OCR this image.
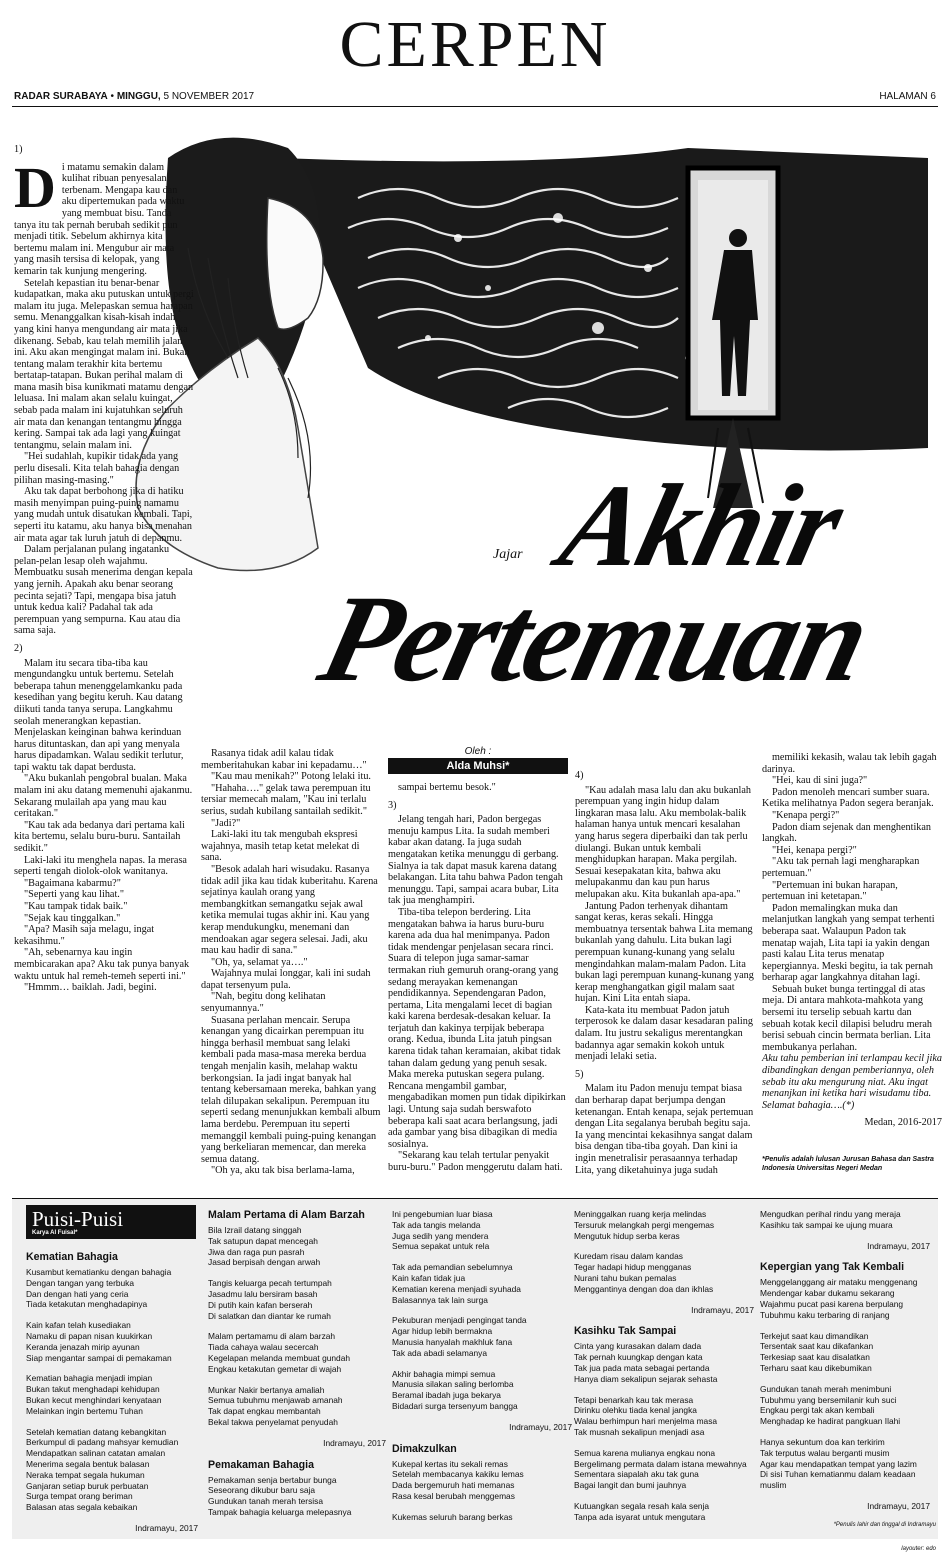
CERPEN
RADAR SURABAYA • MINGGU, 5 NOVEMBER 2017	HALAMAN 6
Jajar Akhir
Pertemuan

1)

Di matamu semakin dalam kulihat ribuan penyesalan terbenam. Mengapa kau dan aku dipertemukan pada waktu yang membuat bisu. Tanda tanya itu tak pernah berubah sedikit pun menjadi titik. Sebelum akhirnya kita bertemu malam ini. Mengubur air mata yang masih tersisa di kelopak, yang kemarin tak kunjung mengering.

Setelah kepastian itu benar-benar kudapatkan, maka aku putuskan untuk pergi malam itu juga. Melepaskan semua harapan semu. Menanggalkan kisah-kisah indah yang kini hanya mengundang air mata jika dikenang. Sebab, kau telah memilih jalan ini. Aku akan mengingat malam ini. Bukan tentang malam terakhir kita bertemu bertatap-tatapan. Bukan perihal malam di mana masih bisa kunikmati matamu dengan leluasa. Ini malam akan selalu kuingat, sebab pada malam ini kujatuhkan seluruh air mata dan kenangan tentangmu hingga kering. Sampai tak ada lagi yang kuingat tentangmu, selain malam ini.

"Hei sudahlah, kupikir tidak ada yang perlu disesali. Kita telah bahagia dengan pilihan masing-masing."

Aku tak dapat berbohong jika di hatiku masih menyimpan puing-puing namamu yang mudah untuk disatukan kembali. Tapi, seperti itu katamu, aku hanya bisa menahan air mata agar tak luruh jatuh di depanmu.

Dalam perjalanan pulang ingatanku pelan-pelan lesap oleh wajahmu. Membuatku susah menerima dengan kepala yang jernih. Apakah aku benar seorang pecinta sejati? Tapi, mengapa bisa jatuh untuk kedua kali? Padahal tak ada perempuan yang sempurna. Kau atau dia sama saja.

2)

Malam itu secara tiba-tiba kau mengundangku untuk bertemu. Setelah beberapa tahun menenggelamkanku pada kesedihan yang begitu keruh. Kau datang diikuti tanda tanya serupa. Langkahmu seolah menerangkan kepastian. Menjelaskan keinginan bahwa kerinduan harus dituntaskan, dan api yang menyala harus dipadamkan. Walau sedikit terlutur, tapi waktu tak dapat berdusta.

"Aku bukanlah pengobral bualan. Maka malam ini aku datang memenuhi ajakanmu. Sekarang mulailah apa yang mau kau ceritakan."

"Kau tak ada bedanya dari pertama kali kita bertemu, selalu buru-buru. Santailah sedikit."

Laki-laki itu menghela napas. Ia merasa seperti tengah diolok-olok wanitanya.

"Bagaimana kabarmu?"

"Seperti yang kau lihat."

"Kau tampak tidak baik."

"Sejak kau tinggalkan."

"Apa? Masih saja melagu, ingat kekasihmu."

"Ah, sebenarnya kau ingin membicarakan apa? Aku tak punya banyak waktu untuk hal remeh-temeh seperti ini."

"Hmmm… baiklah. Jadi, begini.

Rasanya tidak adil kalau tidak memberitahukan kabar ini kepadamu…"

"Kau mau menikah?" Potong lelaki itu.

"Hahaha…." gelak tawa perempuan itu tersiar memecah malam, "Kau ini terlalu serius, sudah kubilang santailah sedikit."

"Jadi?"

Laki-laki itu tak mengubah ekspresi wajahnya, masih tetap ketat melekat di sana.

"Besok adalah hari wisudaku. Rasanya tidak adil jika kau tidak kuberitahu. Karena sejatinya kaulah orang yang membangkitkan semangatku sejak awal ketika memulai tugas akhir ini. Kau yang kerap mendukungku, menemani dan mendoakan agar segera selesai. Jadi, aku mau kau hadir di sana."

"Oh, ya, selamat ya…."

Wajahnya mulai longgar, kali ini sudah dapat tersenyum pula.

"Nah, begitu dong kelihatan senyumannya."

Suasana perlahan mencair. Serupa kenangan yang dicairkan perempuan itu hingga berhasil membuat sang lelaki kembali pada masa-masa mereka berdua tengah menjalin kasih, melahap waktu berkongsian. Ia jadi ingat banyak hal tentang kebersamaan mereka, bahkan yang telah dilupakan sekalipun. Perempuan itu seperti sedang menunjukkan kembali album lama berdebu. Perempuan itu seperti memanggil kembali puing-puing kenangan yang berkeliaran memencar, dan mereka semua datang.

"Oh ya, aku tak bisa berlama-lama,

Oleh :
Alda Muhsi*

sampai bertemu besok."

3)

Jelang tengah hari, Padon bergegas menuju kampus Lita. Ia sudah memberi kabar akan datang. Ia juga sudah mengatakan ketika menunggu di gerbang. Sialnya ia tak dapat masuk karena datang belakangan. Lita tahu bahwa Padon tengah menunggu. Tapi, sampai acara bubar, Lita tak jua menghampiri.

Tiba-tiba telepon berdering. Lita mengatakan bahwa ia harus buru-buru karena ada dua hal menimpanya. Padon tidak mendengar penjelasan secara rinci. Suara di telepon juga samar-samar termakan riuh gemuruh orang-orang yang sedang merayakan kemenangan pendidikannya. Sependengaran Padon, pertama, Lita mengalami lecet di bagian kaki karena berdesak-desakan keluar. Ia terjatuh dan kakinya terpijak beberapa orang. Kedua, ibunda Lita jatuh pingsan karena tidak tahan keramaian, akibat tidak tahan dalam gedung yang penuh sesak. Maka mereka putuskan segera pulang. Rencana mengambil gambar, mengabadikan momen pun tidak dipikirkan lagi. Untung saja sudah berswafoto beberapa kali saat acara berlangsung, jadi ada gambar yang bisa dibagikan di media sosialnya.

"Sekarang kau telah tertular penyakit buru-buru." Padon menggerutu dalam hati.

4)

"Kau adalah masa lalu dan aku bukanlah perempuan yang ingin hidup dalam lingkaran masa lalu. Aku membolak-balik halaman hanya untuk mencari kesalahan yang harus segera diperbaiki dan tak perlu diulangi. Bukan untuk kembali menghidupkan harapan. Maka pergilah. Sesuai kesepakatan kita, bahwa aku melupakanmu dan kau pun harus melupakan aku. Kita bukanlah apa-apa."

Jantung Padon terhenyak dihantam sangat keras, keras sekali. Hingga membuatnya tersentak bahwa Lita memang bukanlah yang dahulu. Lita bukan lagi perempuan kunang-kunang yang selalu mengindahkan malam-malam Padon. Lita bukan lagi perempuan kunang-kunang yang kerap menghangatkan gigil malam saat hujan. Kini Lita entah siapa.

Kata-kata itu membuat Padon jatuh terperosok ke dalam dasar kesadaran paling dalam. Itu justru sekaligus merentangkan badannya agar semakin kokoh untuk menjadi lelaki setia.

5)

Malam itu Padon menuju tempat biasa dan berharap dapat berjumpa dengan ketenangan. Entah kenapa, sejak pertemuan dengan Lita segalanya berubah begitu saja. Ia yang mencintai kekasihnya sangat dalam bisa dengan tiba-tiba goyah. Dan kini ia ingin menetralisir perasaannya terhadap Lita, yang diketahuinya juga sudah

memiliki kekasih, walau tak lebih gagah darinya.

"Hei, kau di sini juga?"

Padon menoleh mencari sumber suara. Ketika melihatnya Padon segera beranjak.

"Kenapa pergi?"

Padon diam sejenak dan menghentikan langkah.

"Hei, kenapa pergi?"

"Aku tak pernah lagi mengharapkan pertemuan."

"Pertemuan ini bukan harapan, pertemuan ini ketetapan."

Padon memalingkan muka dan melanjutkan langkah yang sempat terhenti beberapa saat. Walaupun Padon tak menatap wajah, Lita tapi ia yakin dengan pasti kalau Lita terus menatap kepergiannya. Meski begitu, ia tak pernah berharap agar langkahnya ditahan lagi.

Sebuah buket bunga tertinggal di atas meja. Di antara mahkota-mahkota yang bersemi itu terselip sebuah kartu dan sebuah kotak kecil dilapisi beludru merah berisi sebuah cincin bermata berlian. Lita membukanya perlahan.

Aku tahu pemberian ini terlampau kecil jika dibandingkan dengan pemberiannya, oleh sebab itu aku mengurung niat. Aku ingat menanjkan ini ketika hari wisudamu tiba. Selamat bahagia….(*)

Medan, 2016-2017

*Penulis adalah lulusan Jurusan Bahasa dan Sastra Indonesia Universitas Negeri Medan
Puisi-Puisi
Karya Al Fuisal*
Kematian Bahagia
Kusambut kematianku dengan bahagia
Dengan tangan yang terbuka
Dan dengan hati yang ceria
Tiada ketakutan menghadapinya
Kain kafan telah kusediakan
Namaku di papan nisan kuukirkan
Keranda jenazah mirip ayunan
Siap mengantar sampai di pemakaman
Kematian bahagia menjadi impian
Bukan takut menghadapi kehidupan
Bukan kecut menghindari kenyataan
Melainkan ingin bertemu Tuhan
Setelah kematian datang kebangkitan
Berkumpul di padang mahsyar kemudian
Mendapatkan salinan catatan amalan
Menerima segala bentuk balasan
Neraka tempat segala hukuman
Ganjaran setiap buruk perbuatan
Surga tempat orang beriman
Balasan atas segala kebaikan
Indramayu, 2017
Malam Pertama di Alam Barzah
Bila Izrail datang singgah
Tak satupun dapat mencegah
Jiwa dan raga pun pasrah
Jasad berpisah dengan arwah
Tangis keluarga pecah tertumpah
Jasadmu lalu bersiram basah
Di putih kain kafan berserah
Di salatkan dan diantar ke rumah
Malam pertamamu di alam barzah
Tiada cahaya walau secercah
Kegelapan melanda membuat gundah
Engkau ketakutan gemetar di wajah
Munkar Nakir bertanya amaliah
Semua tubuhmu menjawab amanah
Tak dapat engkau membantah
Bekal takwa penyelamat penyudah
Indramayu, 2017
Pemakaman Bahagia
Pemakaman senja bertabur bunga
Seseorang dikubur baru saja
Gundukan tanah merah tersisa
Tampak bahagia keluarga melepasnya
Ini pengebumian luar biasa
Tak ada tangis melanda
Juga sedih yang mendera
Semua sepakat untuk rela
Tak ada pemandian sebelumnya
Kain kafan tidak jua
Kematian kerena menjadi syuhada
Balasannya tak lain surga
Pekuburan menjadi pengingat tanda
Agar hidup lebih bermakna
Manusia hanyalah makhluk fana
Tak ada abadi selamanya
Akhir bahagia mimpi semua
Manusia silakan saling berlomba
Beramal ibadah juga bekarya
Bidadari surga tersenyum bangga
Indramayu, 2017
Dimakzulkan
Kukepal kertas itu sekali remas
Setelah membacanya kakiku lemas
Dada bergemuruh hati memanas
Rasa kesal berubah menggemas
Kukemas seluruh barang berkas
Meninggalkan ruang kerja melindas
Tersuruk melangkah pergi mengemas
Mengutuk hidup serba keras
Kuredam risau dalam kandas
Tegar hadapi hidup mengganas
Nurani tahu bukan pemalas
Menggantinya dengan doa dan ikhlas
Indramayu, 2017
Kasihku Tak Sampai
Cinta yang kurasakan dalam dada
Tak pernah kuungkap dengan kata
Tak jua pada mata sebagai pertanda
Hanya diam sekalipun sejarak sehasta
Tetapi benarkah kau tak merasa
Dirinku olehku tiada kenal jangka
Walau berhimpun hari menjelma masa
Tak musnah sekalipun menjadi asa
Semua karena mulianya engkau nona
Bergelimang permata dalam istana mewahnya
Sementara siapalah aku tak guna
Bagai langit dan bumi jauhnya
Kutuangkan segala resah kala senja
Tanpa ada isyarat untuk mengutara
Mengudkan perihal rindu yang meraja
Kasihku tak sampai ke ujung muara
Indramayu, 2017
Kepergian yang Tak Kembali
Menggelanggang air mataku menggenang
Mendengar kabar dukamu sekarang
Wajahmu pucat pasi karena berpulang
Tubuhmu kaku terbaring di ranjang
Terkejut saat kau dimandikan
Tersentak saat kau dikafankan
Terkesiap saat kau disalatkan
Terharu saat kau dikebumikan
Gundukan tanah merah menimbuni
Tubuhmu yang bersemilanir kuh suci
Engkau pergi tak akan kembali
Menghadap ke hadirat pangkuan Ilahi
Hanya sekuntum doa kan terkirim
Tak terputus walau berganti musim
Agar kau mendapatkan tempat yang lazim
Di sisi Tuhan kematianmu dalam keadaan muslim
Indramayu, 2017
*Penulis lahir dan tinggal di Indramayu
layouter: edo
